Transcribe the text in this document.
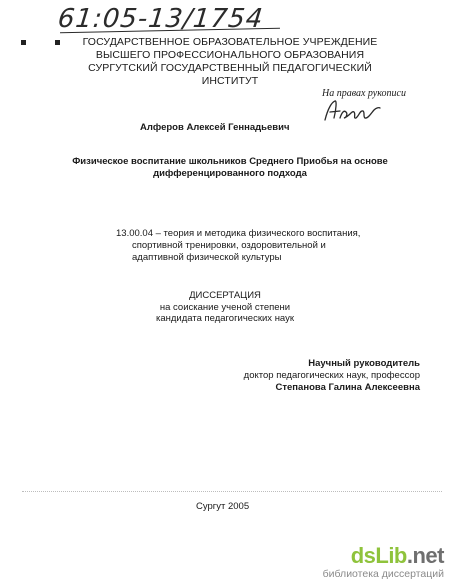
61:05-13/1754
ГОСУДАРСТВЕННОЕ ОБРАЗОВАТЕЛЬНОЕ УЧРЕЖДЕНИЕ
ВЫСШЕГО ПРОФЕССИОНАЛЬНОГО ОБРАЗОВАНИЯ
СУРГУТСКИЙ ГОСУДАРСТВЕННЫЙ ПЕДАГОГИЧЕСКИЙ ИНСТИТУТ
На правах рукописи
Алферов Алексей Геннадьевич
Физическое воспитание школьников Среднего Приобья на основе
дифференцированного подхода
13.00.04 – теория и методика физического воспитания,
спортивной тренировки, оздоровительной и
адаптивной физической культуры
ДИССЕРТАЦИЯ
на соискание ученой степени
кандидата педагогических наук
Научный руководитель
доктор педагогических наук, профессор
Степанова Галина Алексеевна
Сургут 2005
dsLib.net
библиотека диссертаций
